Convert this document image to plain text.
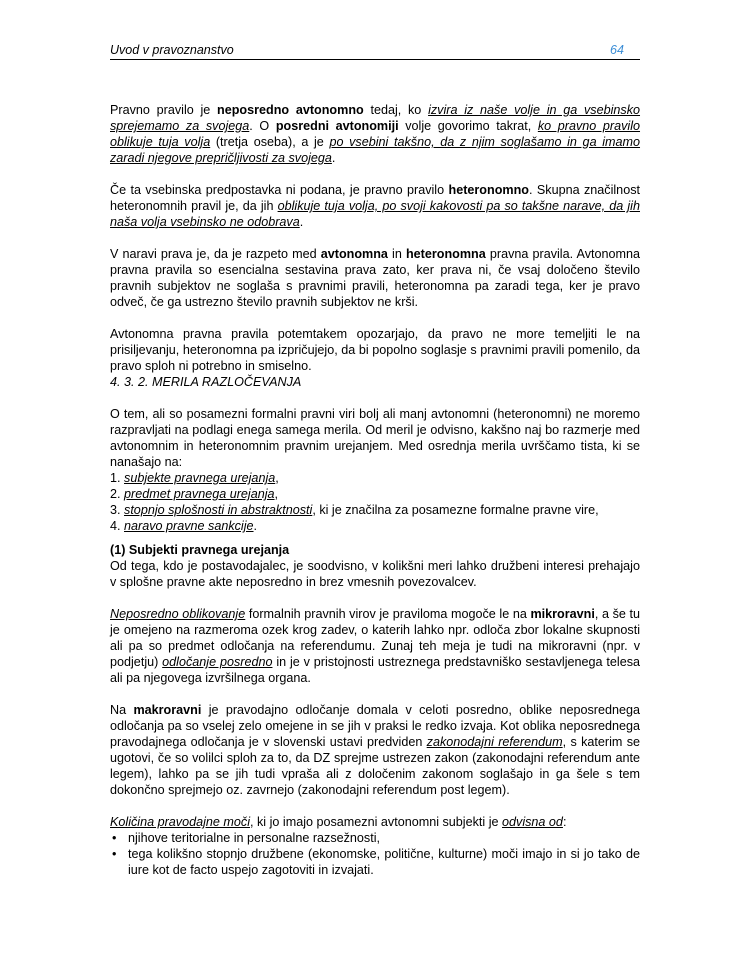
Uvod v pravoznanstvo	64

Pravno pravilo je neposredno avtonomno tedaj, ko izvira iz naše volje in ga vsebinsko sprejemamo za svojega. O posredni avtonomiji volje govorimo takrat, ko pravno pravilo oblikuje tuja volja (tretja oseba), a je po vsebini takšno, da z njim soglašamo in ga imamo zaradi njegove prepričljivosti za svojega.

Če ta vsebinska predpostavka ni podana, je pravno pravilo heteronomno. Skupna značilnost heteronomnih pravil je, da jih oblikuje tuja volja, po svoji kakovosti pa so takšne narave, da jih naša volja vsebinsko ne odobrava.

V naravi prava je, da je razpeto med avtonomna in heteronomna pravna pravila. Avtonomna pravna pravila so esencialna sestavina prava zato, ker prava ni, če vsaj določeno število pravnih subjektov ne soglaša s pravnimi pravili, heteronomna pa zaradi tega, ker je pravo odveč, če ga ustrezno število pravnih subjektov ne krši.

Avtonomna pravna pravila potemtakem opozarjajo, da pravo ne more temeljiti le na prisiljevanju, heteronomna pa izpričujejo, da bi popolno soglasje s pravnimi pravili pomenilo, da pravo sploh ni potrebno in smiselno.

4. 3. 2. MERILA RAZLOČEVANJA

O tem, ali so posamezni formalni pravni viri bolj ali manj avtonomni (heteronomni) ne moremo razpravljati na podlagi enega samega merila. Od meril je odvisno, kakšno naj bo razmerje med avtonomnim in heteronomnim pravnim urejanjem. Med osrednja merila uvrščamo tista, ki se nanašajo na:

1. subjekte pravnega urejanja,
2. predmet pravnega urejanja,
3. stopnjo splošnosti in abstraktnosti, ki je značilna za posamezne formalne pravne vire,
4. naravo pravne sankcije.

(1) Subjekti pravnega urejanja

Od tega, kdo je postavodajalec, je soodvisno, v kolikšni meri lahko družbeni interesi prehajajo v splošne pravne akte neposredno in brez vmesnih povezovalcev.

Neposredno oblikovanje formalnih pravnih virov je praviloma mogoče le na mikroravni, a še tu je omejeno na razmeroma ozek krog zadev, o katerih lahko npr. odloča zbor lokalne skupnosti ali pa so predmet odločanja na referendumu. Zunaj teh meja je tudi na mikroravni (npr. v podjetju) odločanje posredno in je v pristojnosti ustreznega predstavniško sestavljenega telesa ali pa njegovega izvršilnega organa.

Na makroravni je pravodajno odločanje domala v celoti posredno, oblike neposrednega odločanja pa so vselej zelo omejene in se jih v praksi le redko izvaja. Kot oblika neposrednega pravodajnega odločanja je v slovenski ustavi predviden zakonodajni referendum, s katerim se ugotovi, če so volilci sploh za to, da DZ sprejme ustrezen zakon (zakonodajni referendum ante legem), lahko pa se jih tudi vpraša ali z določenim zakonom soglašajo in ga šele s tem dokončno sprejmejo oz. zavrnejo (zakonodajni referendum post legem).

Količina pravodajne moči, ki jo imajo posamezni avtonomni subjekti je odvisna od:

• njihove teritorialne in personalne razsežnosti,
• tega kolikšno stopnjo družbene (ekonomske, politične, kulturne) moči imajo in si jo tako de iure kot de facto uspejo zagotoviti in izvajati.
